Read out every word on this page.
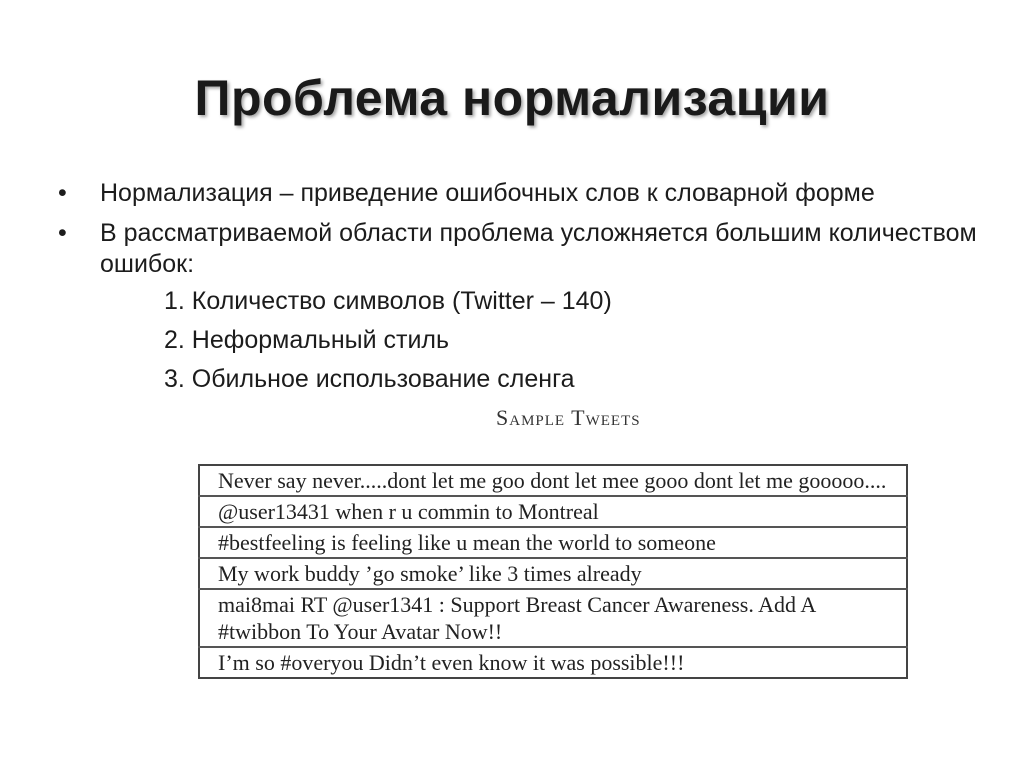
Проблема нормализации
• Нормализация – приведение ошибочных слов к словарной форме
• В рассматриваемой области проблема усложняется большим количеством ошибок:
1. Количество символов (Twitter – 140)
2. Неформальный стиль
3. Обильное использование сленга
Sample Tweets
Never say never.....dont let me goo dont let mee gooo dont let me gooooo....
@user13431 when r u commin to Montreal
#bestfeeling is feeling like u mean the world to someone
My work buddy ’go smoke’ like 3 times already
mai8mai RT @user1341 : Support Breast Cancer Awareness. Add A #twibbon To Your Avatar Now!!
I’m so #overyou Didn’t even know it was possible!!!
